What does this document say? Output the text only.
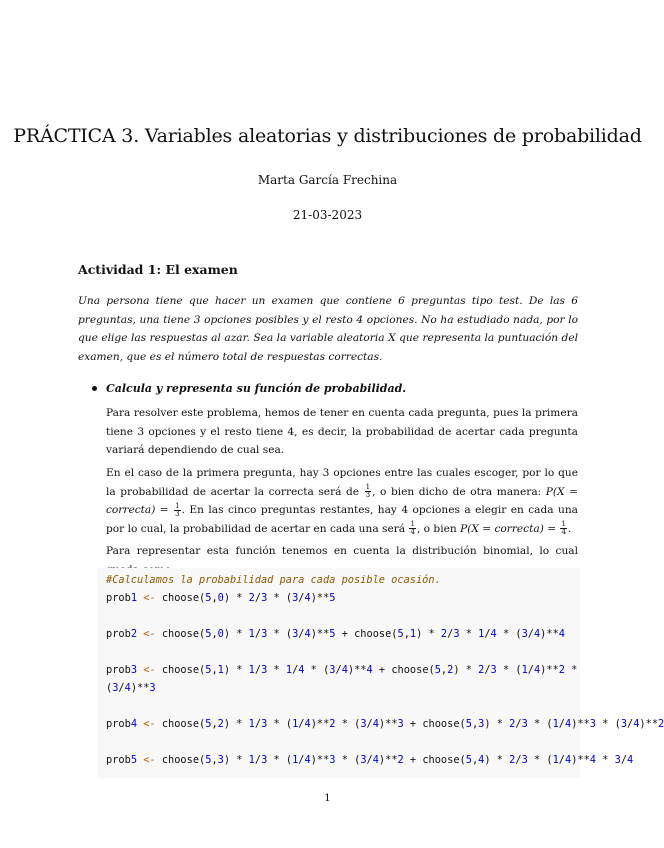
PRÁCTICA 3. Variables aleatorias y distribuciones de probabilidad
Marta García Frechina
21-03-2023
Actividad 1: El examen
Una persona tiene que hacer un examen que contiene 6 preguntas tipo test. De las 6 preguntas, una tiene 3 opciones posibles y el resto 4 opciones. No ha estudiado nada, por lo que elige las respuestas al azar. Sea la variable aleatoria X que representa la puntuación del examen, que es el número total de respuestas correctas.
Calcula y representa su función de probabilidad.
Para resolver este problema, hemos de tener en cuenta cada pregunta, pues la primera tiene 3 opciones y el resto tiene 4, es decir, la probabilidad de acertar cada pregunta variará dependiendo de cual sea.
En el caso de la primera pregunta, hay 3 opciones entre las cuales escoger, por lo que la probabilidad de acertar la correcta será de $\frac{1}{3}$ , o bien dicho de otra manera: P(X = correcta) = $\frac{1}{3}$ . En las cinco preguntas restantes, hay 4 opciones a elegir en cada una por lo cual, la probabilidad de acertar en cada una será $\frac{1}{4}$ , o bien P(X = correcta) = $\frac{1}{4}$ .
Para representar esta función tenemos en cuenta la distribución binomial, lo cual
#Calculamos la probabilidad para cada posible ocasión.
prob1 <- choose(5,0) * 2/3 * (3/4)**5
prob2 <- choose(5,0) * 1/3 * (3/4)**5 + choose(5,1) * 2/3 * 1/4 * (3/4)**4
prob3 <- choose(5,1) * 1/3 * 1/4 * (3/4)**4 + choose(5,2) * 2/3 * (1/4)**2 *
(3/4)**3
prob4 <- choose(5,2) * 1/3 * (1/4)**2 * (3/4)**3 + choose(5,3) * 2/3 * (1/4)**3 * (3/4)**2
prob5 <- choose(5,3) * 1/3 * (1/4)**3 * (3/4)**2 + choose(5,4) * 2/3 * (1/4)**4 * 3/4
1
